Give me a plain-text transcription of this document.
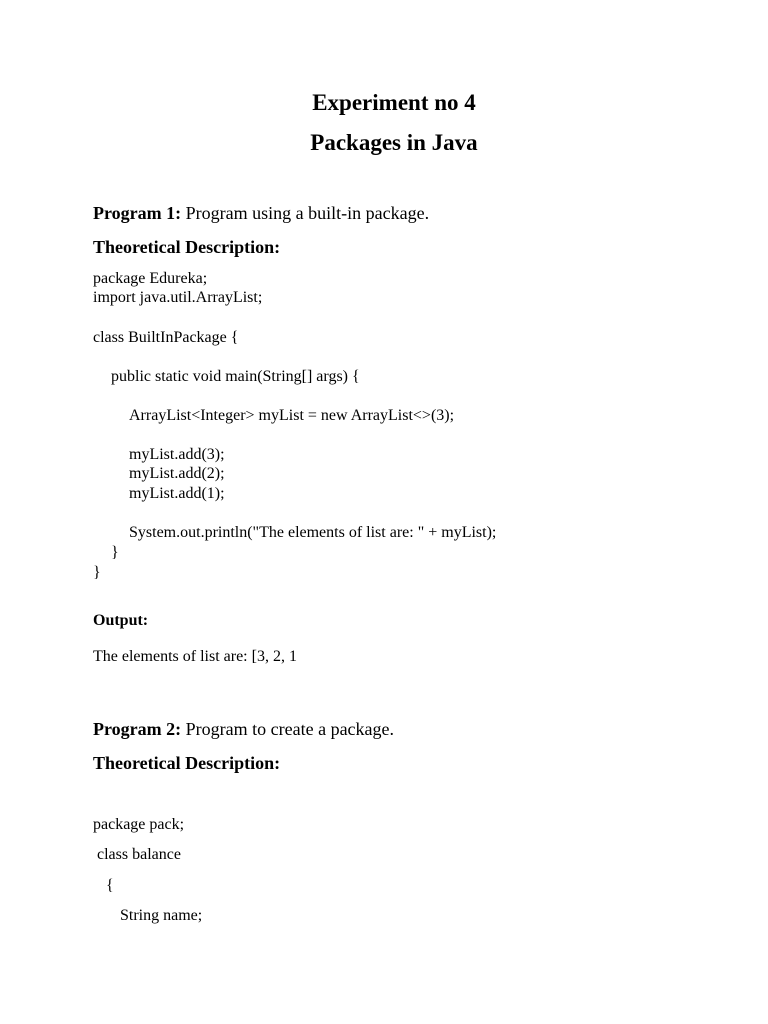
Experiment no 4
Packages in Java
Program 1: Program using a built-in package.
Theoretical Description:
package Edureka;
import java.util.ArrayList;
class BuiltInPackage {
public static void main(String[] args) {
ArrayList<Integer> myList = new ArrayList<>(3);
myList.add(3);
myList.add(2);
myList.add(1);
System.out.println("The elements of list are: " + myList);
}
}
Output:
The elements of list are: [3, 2, 1
Program 2: Program to create a package.
Theoretical Description:
package pack;
class balance
{
String name;
